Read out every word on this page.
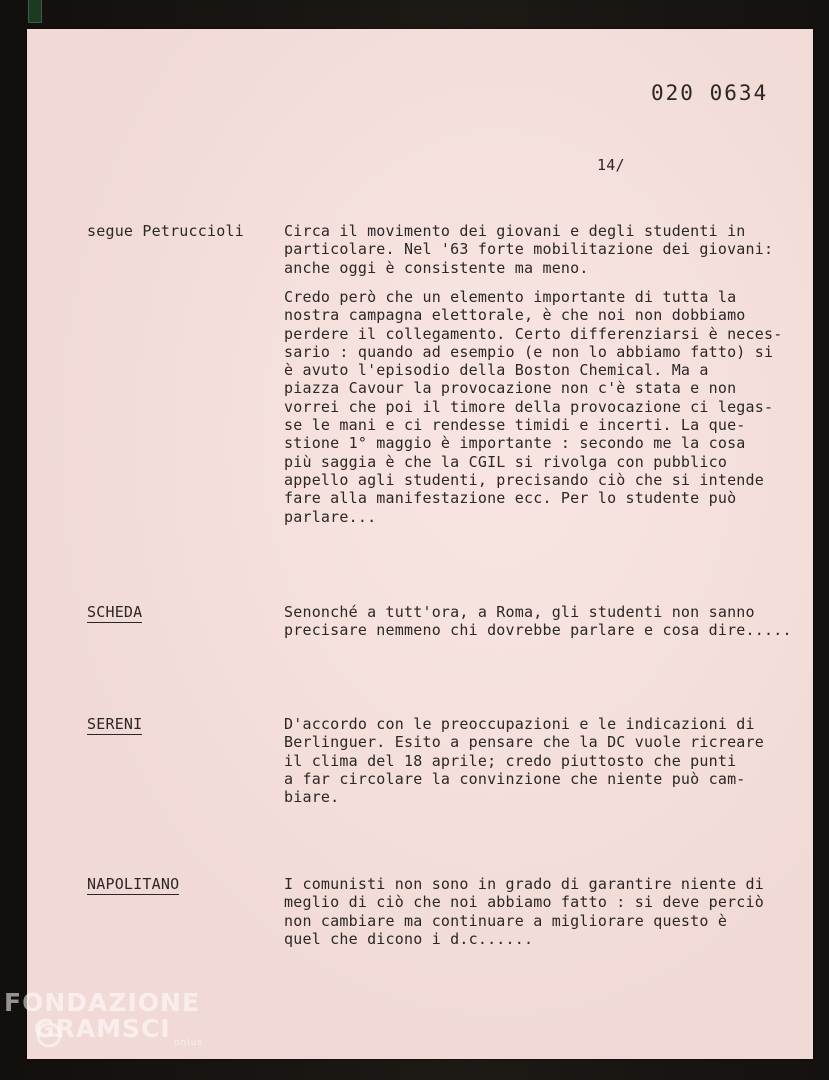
020 0634
14/
segue Petruccioli	Circa il movimento dei giovani e degli studenti in
particolare. Nel '63 forte mobilitazione dei giovani:
anche oggi è consistente ma meno.
Credo però che un elemento importante di tutta la
nostra campagna elettorale, è che noi non dobbiamo
perdere il collegamento. Certo differenziarsi è neces-
sario : quando ad esempio (e non lo abbiamo fatto) si
è avuto l'episodio della Boston Chemical. Ma a
piazza Cavour la provocazione non c'è stata e non
vorrei che poi il timore della provocazione ci legas-
se le mani e ci rendesse timidi e incerti. La que-
stione 1° maggio è importante : secondo me la cosa
più saggia è che la CGIL si rivolga con pubblico
appello agli studenti, precisando ciò che si intende
fare alla manifestazione ecc. Per lo studente può
parlare...
SCHEDA	Senonché a tutt'ora, a Roma, gli studenti non sanno
precisare nemmeno chi dovrebbe parlare e cosa dire.....
SERENI	D'accordo con le preoccupazioni e le indicazioni di
Berlinguer. Esito a pensare che la DC vuole ricreare
il clima del 18 aprile; credo piuttosto che punti
a far circolare la convinzione che niente può cam-
biare.
NAPOLITANO	I comunisti non sono in grado di garantire niente di
meglio di ciò che noi abbiamo fatto : si deve perciò
non cambiare ma continuare a migliorare questo è
quel che dicono i d.c......
FONDAZIONE
GRAMSCI onlus
